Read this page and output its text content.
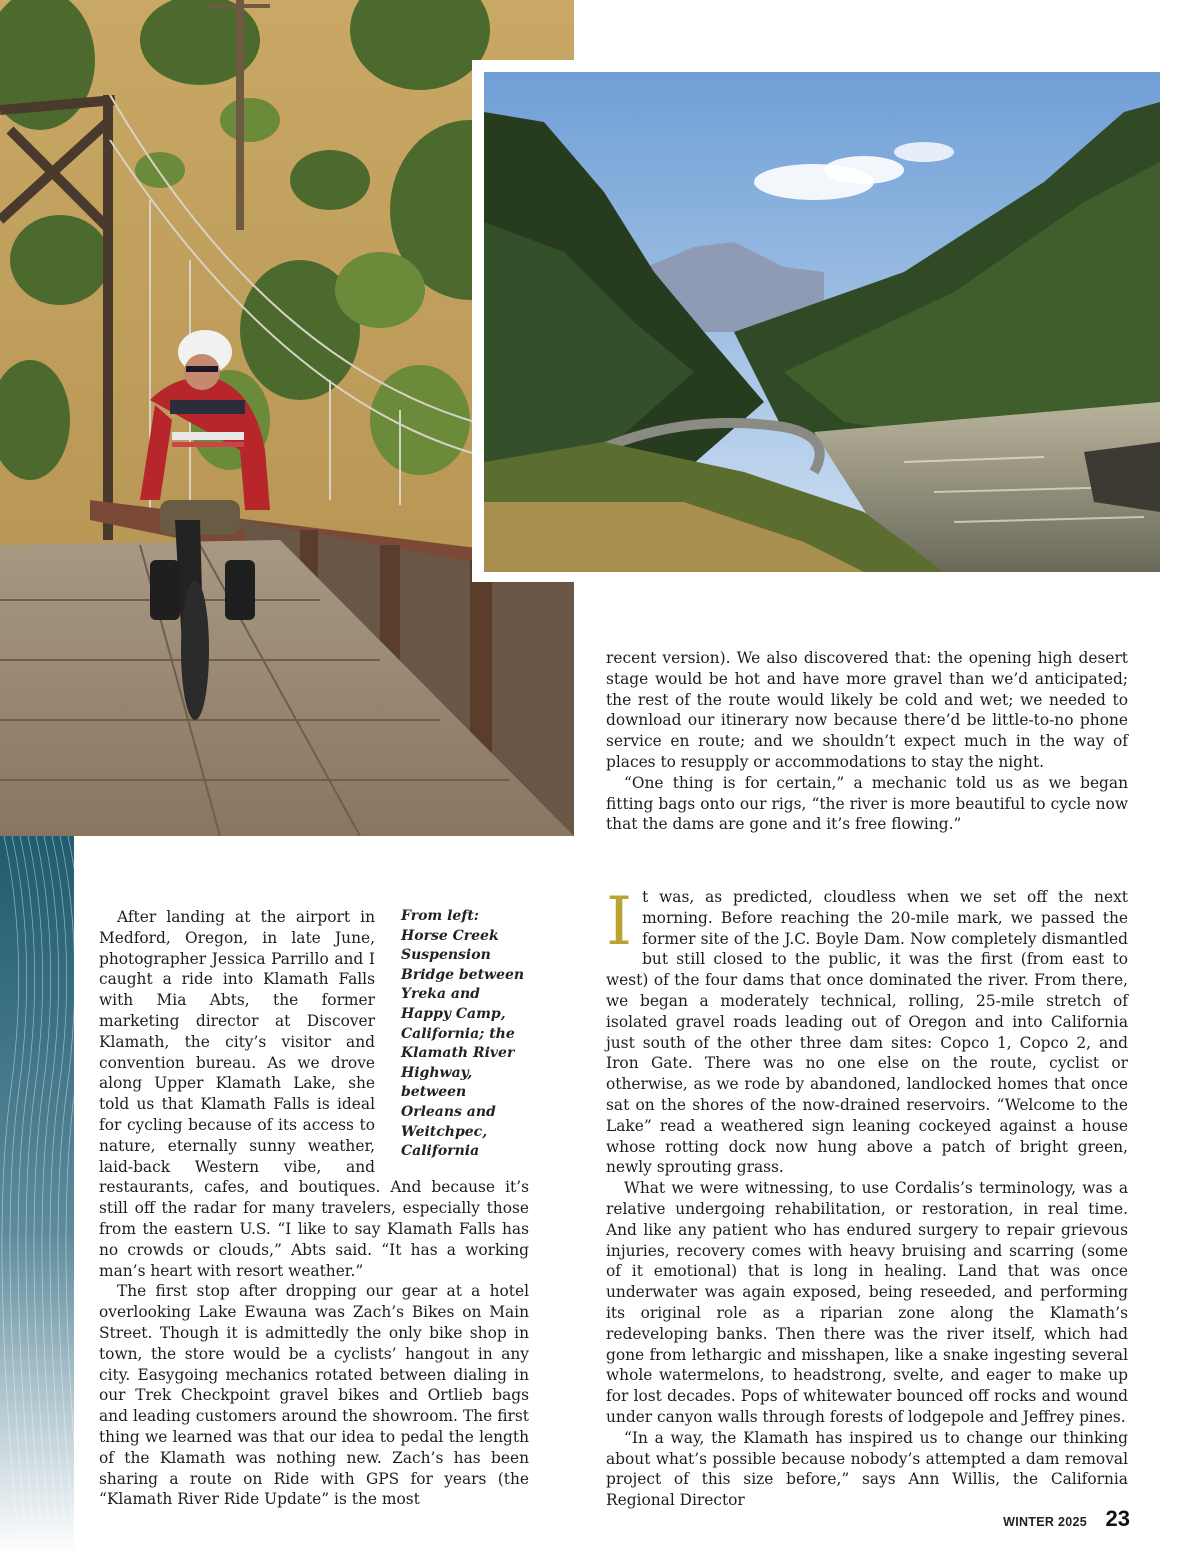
From left: Horse Creek Suspension Bridge between Yreka and Happy Camp, California; the Klamath River Highway, between Orleans and Weitchpec, California

After landing at the airport in Medford, Oregon, in late June, photographer Jessica Parrillo and I caught a ride into Klamath Falls with Mia Abts, the former marketing director at Discover Klamath, the city’s visitor and convention bureau. As we drove along Upper Klamath Lake, she told us that Klamath Falls is ideal for cycling because of its access to nature, eternally sunny weather, laid-back Western vibe, and restaurants, cafes, and boutiques. And because it’s still off the radar for many travelers, especially those from the eastern U.S. “I like to say Klamath Falls has no crowds or clouds,” Abts said. “It has a working man’s heart with resort weather.”

The first stop after dropping our gear at a hotel overlooking Lake Ewauna was Zach’s Bikes on Main Street. Though it is admittedly the only bike shop in town, the store would be a cyclists’ hangout in any city. Easygoing mechanics rotated between dialing in our Trek Checkpoint gravel bikes and Ortlieb bags and leading customers around the showroom. The first thing we learned was that our idea to pedal the length of the Klamath was nothing new. Zach’s has been sharing a route on Ride with GPS for years (the “Klamath River Ride Update” is the most

recent version). We also discovered that: the opening high desert stage would be hot and have more gravel than we’d anticipated; the rest of the route would likely be cold and wet; we needed to download our itinerary now because there’d be little-to-no phone service en route; and we shouldn’t expect much in the way of places to resupply or accommodations to stay the night.

“One thing is for certain,” a mechanic told us as we began fitting bags onto our rigs, “the river is more beautiful to cycle now that the dams are gone and it’s free flowing.”

It was, as predicted, cloudless when we set off the next morning. Before reaching the 20-mile mark, we passed the former site of the J.C. Boyle Dam. Now completely dismantled but still closed to the public, it was the first (from east to west) of the four dams that once dominated the river. From there, we began a moderately technical, rolling, 25-mile stretch of isolated gravel roads leading out of Oregon and into California just south of the other three dam sites: Copco 1, Copco 2, and Iron Gate. There was no one else on the route, cyclist or otherwise, as we rode by abandoned, landlocked homes that once sat on the shores of the now-drained reservoirs. “Welcome to the Lake” read a weathered sign leaning cockeyed against a house whose rotting dock now hung above a patch of bright green, newly sprouting grass.

What we were witnessing, to use Cordalis’s terminology, was a relative undergoing rehabilitation, or restoration, in real time. And like any patient who has endured surgery to repair grievous injuries, recovery comes with heavy bruising and scarring (some of it emotional) that is long in healing. Land that was once underwater was again exposed, being reseeded, and performing its original role as a riparian zone along the Klamath’s redeveloping banks. Then there was the river itself, which had gone from lethargic and misshapen, like a snake ingesting several whole watermelons, to headstrong, svelte, and eager to make up for lost decades. Pops of whitewater bounced off rocks and wound under canyon walls through forests of lodgepole and Jeffrey pines.

“In a way, the Klamath has inspired us to change our thinking about what’s possible because nobody’s attempted a dam removal project of this size before,” says Ann Willis, the California Regional Director

WINTER 2025 23
